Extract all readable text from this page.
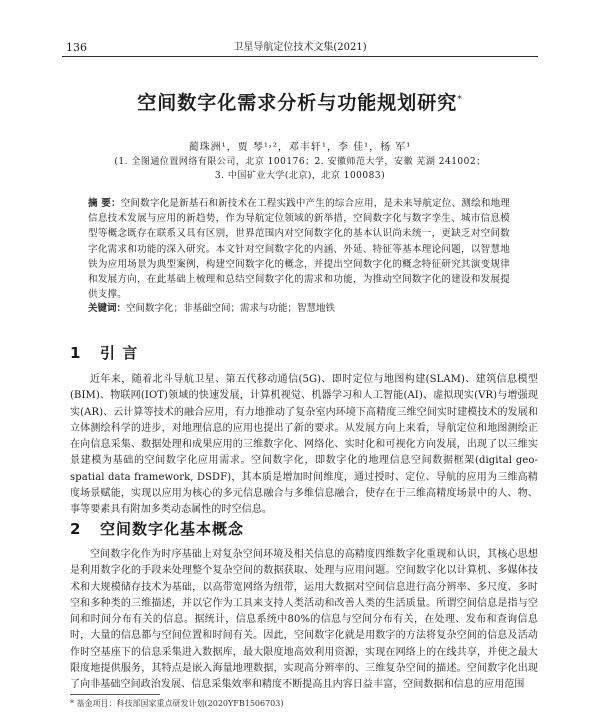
136	卫星导航定位技术文集(2021)
空间数字化需求分析与功能规划研究*
蔺珠洲¹，贾 琴¹˒²，邓丰轩¹，李 佳¹，杨 军¹
(1. 全图通位置网络有限公司，北京 100176；2. 安徽师范大学，安徽 芜湖 241002；
3. 中国矿业大学(北京)，北京 100083)
摘 要：空间数字化是新基石和新技术在工程实践中产生的综合应用，是未来导航定位、测绘和地理信息技术发展与应用的新趋势，作为导航定位领域的新举措，空间数字化与数字孪生、城市信息模型等概念既存在联系又具有区别，世界范围内对空间数字化的基本认识尚未统一，更缺乏对空间数字化需求和功能的深入研究。本文针对空间数字化的内涵、外延、特征等基本理论问题，以智慧地铁为应用场景为典型案例，构建空间数字化的概念，并提出空间数字化的概念特征研究其演变规律和发展方向，在此基础上梳理和总结空间数字化的需求和功能，为推动空间数字化的建设和发展提供支撑。
关键词：空间数字化；非基础空间；需求与功能；智慧地铁
1 引 言

近年来，随着北斗导航卫星、第五代移动通信(5G)、即时定位与地图构建(SLAM)、建筑信息模型(BIM)、物联网(IOT)领域的快速发展，计算机视觉、机器学习和人工智能(AI)、虚拟现实(VR)与增强现实(AR)、云计算等技术的融合应用，有力地推动了复杂室内环境下高精度三维空间实时建模技术的发展和立体测绘科学的进步，对地理信息的应用也提出了新的要求。从发展方向上来看，导航定位和地图测绘正在向信息采集、数据处理和成果应用的三维数字化、网络化、实时化和可视化方向发展，出现了以三维实景建模为基础的空间数字化应用需求。空间数字化，即数字化的地理信息空间数据框架(digital geo-spatial data framework, DSDF)，其本质是增加时间维度，通过授时、定位、导航的应用为三维高精度场景赋能，实现以应用为核心的多元信息融合与多维信息融合，使存在于三维高精度场景中的人、物、事等要素具有附加多类动态属性的时空信息。

2 空间数字化基本概念

空间数字化作为时序基础上对复杂空间环境及相关信息的高精度四维数字化重现和认识，其核心思想是利用数字化的手段来处理整个复杂空间的数据获取、处理与应用问题。空间数字化以计算机、多媒体技术和大规模储存技术为基础，以高带宽网络为纽带，运用大数据对空间信息进行高分辨率、多尺度、多时空和多种类的三维描述，并以它作为工具来支持人类活动和改善人类的生活质量。所谓空间信息是指与空间和时间分布有关的信息。据统计，信息系统中80%的信息与空间分布有关，在处理、发布和查询信息时，大量的信息都与空间位置和时间有关。因此，空间数字化就是用数字的方法将复杂空间的信息及活动作时空基座下的信息采集进入数据库，最大限度地高效利用资源，实现在网络上的在线共享，并使之最大限度地提供服务，其特点是嵌入海量地理数据，实现高分辨率的、三维复杂空间的描述。空间数字化出现了向非基础空间政治发展、信息采集效率和精度不断提高且内容日益丰富，空间数据和信息的应用范围

* 基金项目：科技部国家重点研发计划(2020YFB1506703)
